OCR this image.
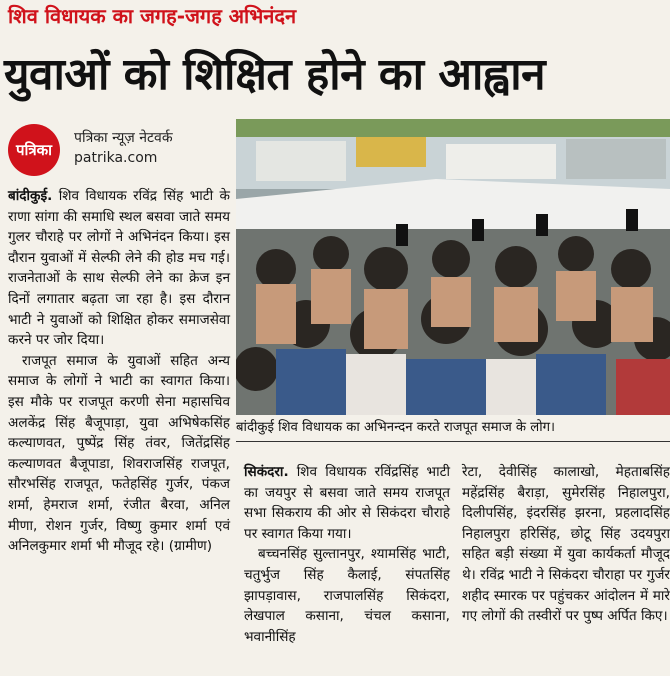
शिव विधायक का जगह-जगह अभिनंदन
युवाओं को शिक्षित होने का आह्वान
पत्रिका
पत्रिका न्यूज़ नेटवर्क
patrika.com

बांदीकुई. शिव विधायक रविंद्र सिंह भाटी के राणा सांगा की समाधि स्थल बसवा जाते समय गुलर चौराहे पर लोगों ने अभिनंदन किया। इस दौरान युवाओं में सेल्फी लेने की होड मच गई। राजनेताओं के साथ सेल्फी लेने का क्रेज इन दिनों लगातार बढ़ता जा रहा है। इस दौरान भाटी ने युवाओं को शिक्षित होकर समाजसेवा करने पर जोर दिया।

राजपूत समाज के युवाओं सहित अन्य समाज के लोगों ने भाटी का स्वागत किया। इस मौके पर राजपूत करणी सेना महासचिव अलकेंद्र सिंह बैजूपाड़ा, युवा अभिषेकसिंह कल्याणवत, पुष्पेंद्र सिंह तंवर, जितेंद्रसिंह कल्याणवत बैजूपाडा, शिवराजसिंह राजपूत, सौरभसिंह राजपूत, फतेहसिंह गुर्जर, पंकज शर्मा, हेमराज शर्मा, रंजीत बैरवा, अनिल मीणा, रोशन गुर्जर, विष्णु कुमार शर्मा एवं अनिलकुमार शर्मा भी मौजूद रहे। (ग्रामीण)

बांदीकुई शिव विधायक का अभिनन्दन करते राजपूत समाज के लोग।

सिकंदरा. शिव विधायक रविंद्रसिंह भाटी का जयपुर से बसवा जाते समय राजपूत सभा सिकराय की ओर से सिकंदरा चौराहे पर स्वागत किया गया।

बच्चनसिंह सुल्तानपुर, श्यामसिंह भाटी, चतुर्भुज सिंह कैलाई, संपतसिंह झापड़ावास, राजपालसिंह सिकंदरा, लेखपाल कसाना, चंचल कसाना, भवानीसिंह

रेटा, देवीसिंह कालाखो, मेहताबसिंह महेंद्रसिंह बैराड़ा, सुमेरसिंह निहालपुरा, दिलीपसिंह, इंदरसिंह झरना, प्रहलादसिंह निहालपुरा हरिसिंह, छोटू सिंह उदयपुरा सहित बड़ी संख्या में युवा कार्यकर्ता मौजूद थे। रविंद्र भाटी ने सिकंदरा चौराहा पर गुर्जर शहीद स्मारक पर पहुंचकर आंदोलन में मारे गए लोगों की तस्वीरों पर पुष्प अर्पित किए।
